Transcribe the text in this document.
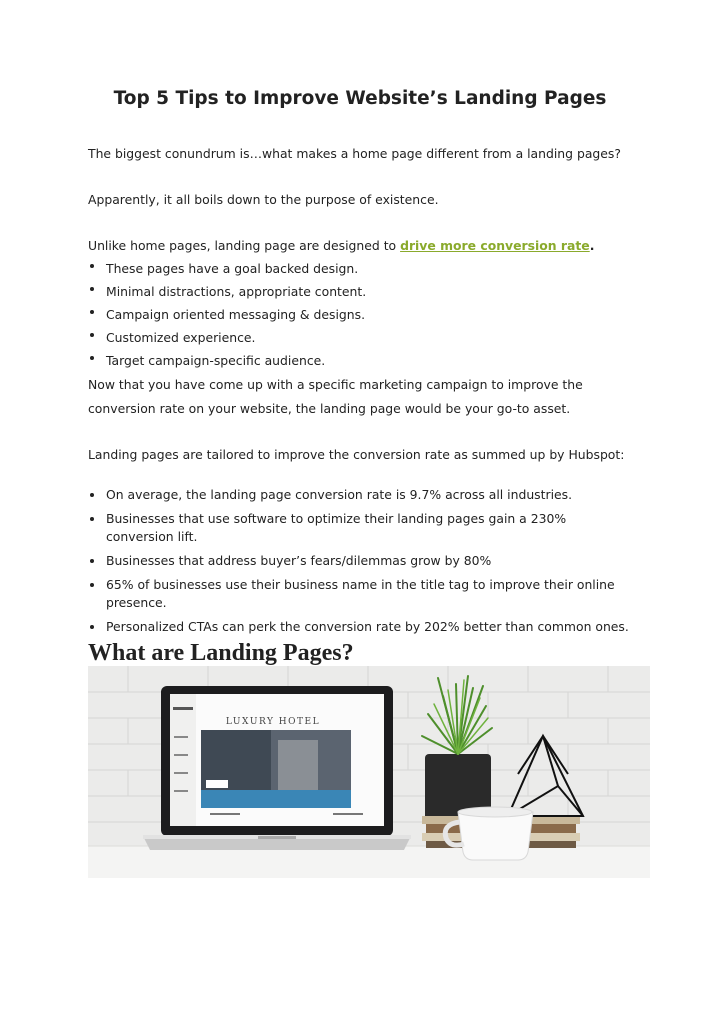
Top 5 Tips to Improve Website’s Landing Pages

The biggest conundrum is…what makes a home page different from a landing pages?

Apparently, it all boils down to the purpose of existence.

Unlike home pages, landing page are designed to drive more conversion rate.

These pages have a goal backed design.
Minimal distractions, appropriate content.
Campaign oriented messaging & designs.
Customized experience.
Target campaign-specific audience.

Now that you have come up with a specific marketing campaign to improve the

conversion rate on your website, the landing page would be your go-to asset.

Landing pages are tailored to improve the conversion rate as summed up by Hubspot:

On average, the landing page conversion rate is 9.7% across all industries.
Businesses that use software to optimize their landing pages gain a 230% conversion lift.
Businesses that address buyer’s fears/dilemmas grow by 80%
65% of businesses use their business name in the title tag to improve their online presence.
Personalized CTAs can perk the conversion rate by 202% better than common ones.
What are Landing Pages?
LUXURY HOTEL
